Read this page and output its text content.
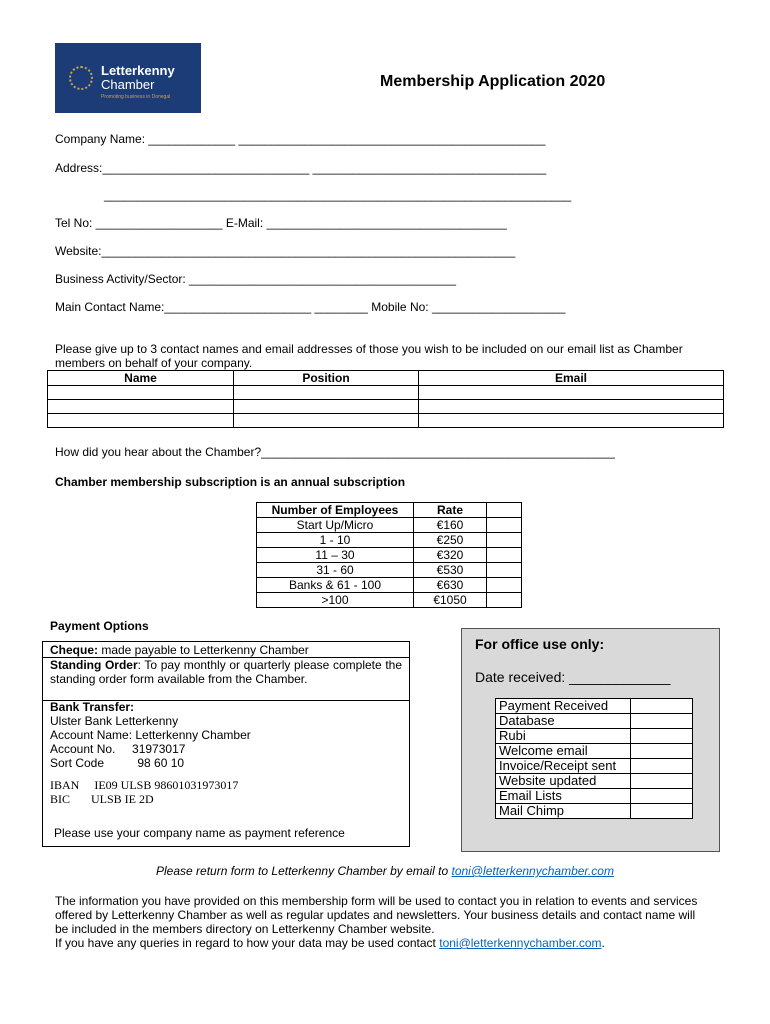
Letterkenny
Chamber
Promoting business in Donegal
Membership Application 2020
Company Name: _____________ ______________________________________________
Address:_______________________________ ___________________________________
______________________________________________________________________
Tel No: ___________________ E-Mail: ____________________________________
Website:______________________________________________________________
Business Activity/Sector: ________________________________________
Main Contact Name:______________________ ________ Mobile No: ____________________
Please give up to 3 contact names and email addresses of those you wish to be included on our email list as Chamber members on behalf of your company.
Name	Position	Email

How did you hear about the Chamber?_____________________________________________________
Chamber membership subscription is an annual subscription
Number of Employees	Rate	
Start Up/Micro	€160	
1 - 10	€250	
11 – 30	€320	
31 - 60	€530	
Banks & 61 - 100	€630	
>100	€1050	
Payment Options
Cheque: made payable to Letterkenny Chamber
Standing Order: To pay monthly or quarterly please complete the standing order form available from the Chamber.
Bank Transfer:
Ulster Bank Letterkenny
Account Name: Letterkenny Chamber
Account No.     31973017
Sort Code          98 60 10
IBAN     IE09 ULSB 98601031973017
BIC       ULSB IE 2D
Please use your company name as payment reference
For office use only:
Date received: _____________
Payment Received	
Database	
Rubi	
Welcome email	
Invoice/Receipt sent	
Website updated	
Email Lists	
Mail Chimp	
Please return form to Letterkenny Chamber by email to toni@letterkennychamber.com
The information you have provided on this membership form will be used to contact you in relation to events and services offered by Letterkenny Chamber as well as regular updates and newsletters. Your business details and contact name will be included in the members directory on Letterkenny Chamber website.
If you have any queries in regard to how your data may be used contact toni@letterkennychamber.com.
